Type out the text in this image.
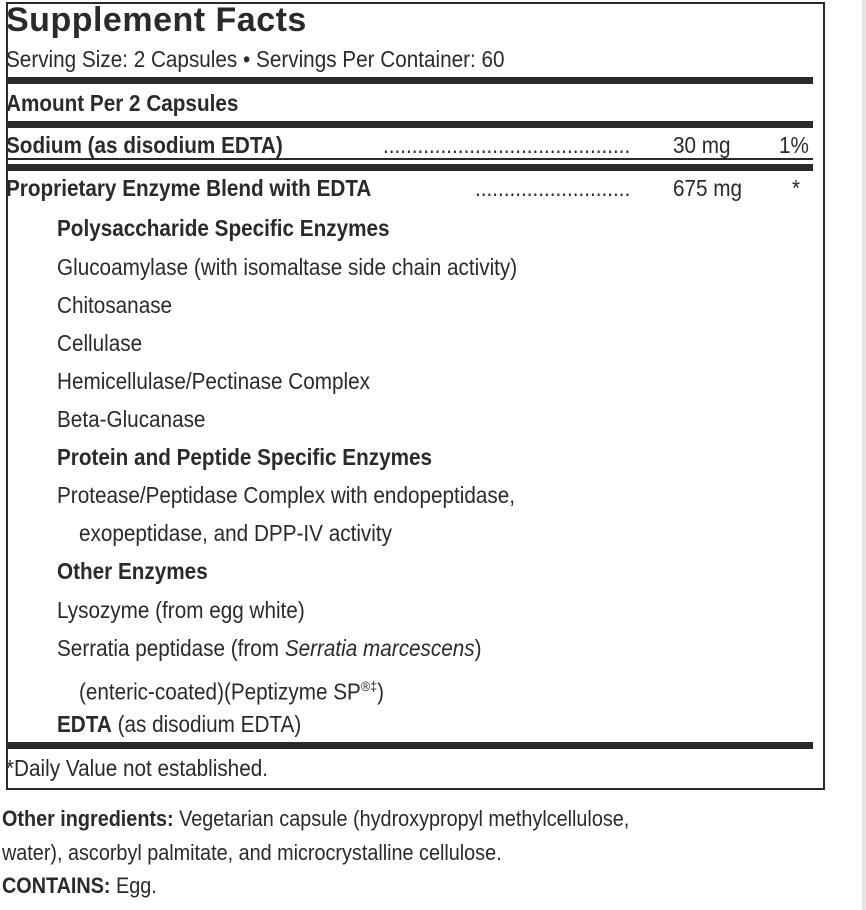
Supplement Facts
Serving Size: 2 Capsules • Servings Per Container: 60
Amount Per 2 Capsules
Sodium (as disodium EDTA)	........................................... 30 mg 1%
Proprietary Enzyme Blend with EDTA	........................... 675 mg *
Polysaccharide Specific Enzymes
Glucoamylase (with isomaltase side chain activity)
Chitosanase
Cellulase
Hemicellulase/Pectinase Complex
Beta-Glucanase
Protein and Peptide Specific Enzymes
Protease/Peptidase Complex with endopeptidase,
exopeptidase, and DPP-IV activity
Other Enzymes
Lysozyme (from egg white)
Serratia peptidase (from Serratia marcescens)
(enteric-coated)(Peptizyme SP®‡)
EDTA (as disodium EDTA)
*Daily Value not established.
Other ingredients: Vegetarian capsule (hydroxypropyl methylcellulose,
water), ascorbyl palmitate, and microcrystalline cellulose.
CONTAINS: Egg.
